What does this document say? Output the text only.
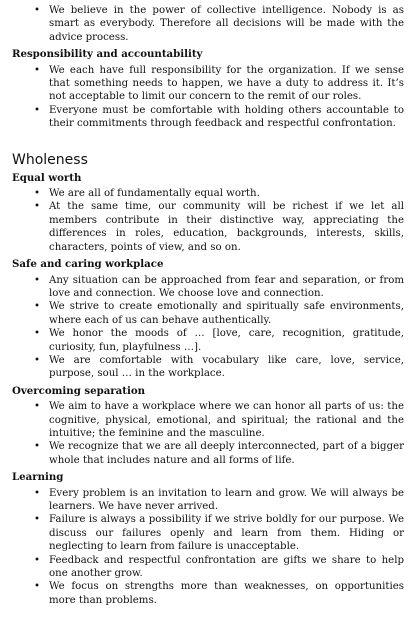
• We believe in the power of collective intelligence. Nobody is as smart as everybody. Therefore all decisions will be made with the advice process.
Responsibility and accountability
• We each have full responsibility for the organization. If we sense that something needs to happen, we have a duty to address it. It’s not acceptable to limit our concern to the remit of our roles.
• Everyone must be comfortable with holding others accountable to their commitments through feedback and respectful confrontation.
Wholeness
Equal worth
• We are all of fundamentally equal worth.
• At the same time, our community will be richest if we let all members contribute in their distinctive way, appreciating the differences in roles, education, backgrounds, interests, skills, characters, points of view, and so on.
Safe and caring workplace
• Any situation can be approached from fear and separation, or from love and connection. We choose love and connection.
• We strive to create emotionally and spiritually safe environments, where each of us can behave authentically.
• We honor the moods of … [love, care, recognition, gratitude, curiosity, fun, playfulness …].
• We are comfortable with vocabulary like care, love, service, purpose, soul … in the workplace.
Overcoming separation
• We aim to have a workplace where we can honor all parts of us: the cognitive, physical, emotional, and spiritual; the rational and the intuitive; the feminine and the masculine.
• We recognize that we are all deeply interconnected, part of a bigger whole that includes nature and all forms of life.
Learning
• Every problem is an invitation to learn and grow. We will always be learners. We have never arrived.
• Failure is always a possibility if we strive boldly for our purpose. We discuss our failures openly and learn from them. Hiding or neglecting to learn from failure is unacceptable.
• Feedback and respectful confrontation are gifts we share to help one another grow.
• We focus on strengths more than weaknesses, on opportunities more than problems.
